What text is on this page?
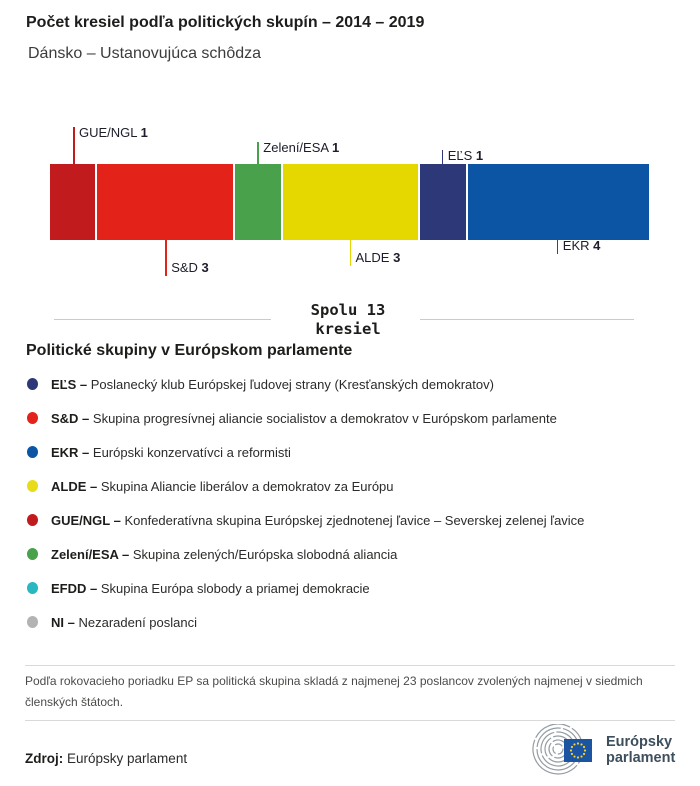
Počet kresiel podľa politických skupín – 2014 – 2019
Dánsko – Ustanovujúca schôdza
GUE/NGL 1
S&D 3
Zelení/ESA 1
ALDE 3
EĽS 1
EKR 4
Spolu 13
kresiel
Politické skupiny v Európskom parlamente
EĽS – Poslanecký klub Európskej ľudovej strany (Kresťanských demokratov)
S&D – Skupina progresívnej aliancie socialistov a demokratov v Európskom parlamente
EKR – Európski konzervatívci a reformisti
ALDE – Skupina Aliancie liberálov a demokratov za Európu
GUE/NGL – Konfederatívna skupina Európskej zjednotenej ľavice – Severskej zelenej ľavice
Zelení/ESA – Skupina zelených/Európska slobodná aliancia
EFDD – Skupina Európa slobody a priamej demokracie
NI – Nezaradení poslanci
Podľa rokovacieho poriadku EP sa politická skupina skladá z najmenej 23 poslancov zvolených najmenej v siedmich členských štátoch.
Zdroj: Európsky parlament
Európsky
parlament
